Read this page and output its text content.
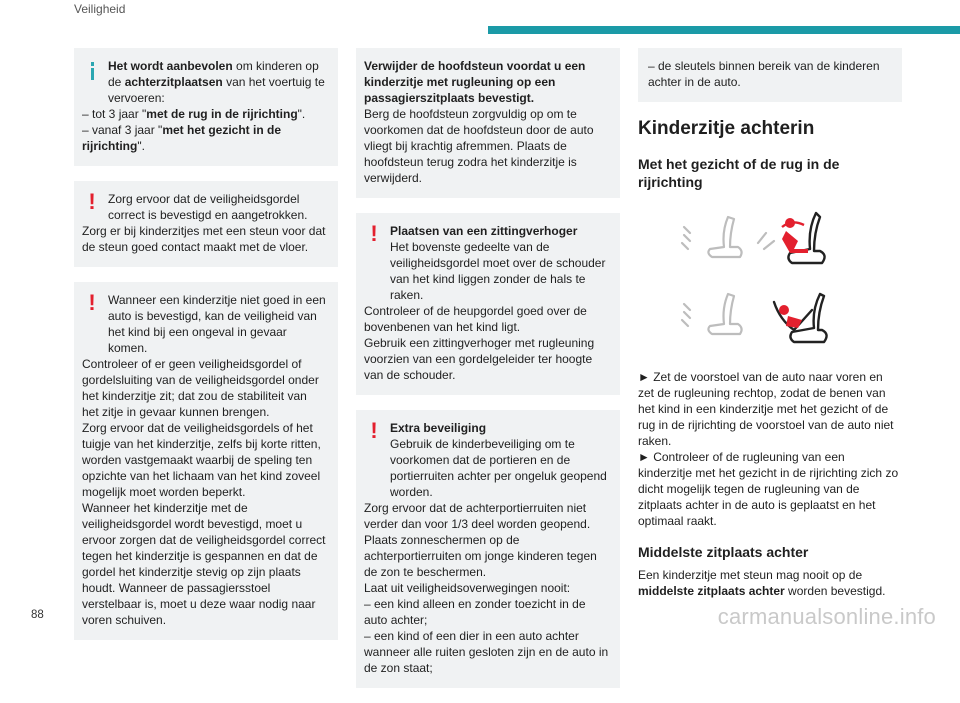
Veiligheid
Het wordt aanbevolen om kinderen op de achterzitplaatsen van het voertuig te vervoeren:

– tot 3 jaar "met de rug in de rijrichting".

– vanaf 3 jaar "met het gezicht in de rijrichting".

!	Zorg ervoor dat de veiligheidsgordel correct is bevestigd en aangetrokken.

Zorg er bij kinderzitjes met een steun voor dat de steun goed contact maakt met de vloer.

!	Wanneer een kinderzitje niet goed in een auto is bevestigd, kan de veiligheid van het kind bij een ongeval in gevaar komen.

Controleer of er geen veiligheidsgordel of gordelsluiting van de veiligheidsgordel onder het kinderzitje zit; dat zou de stabiliteit van het zitje in gevaar kunnen brengen.

Zorg ervoor dat de veiligheidsgordels of het tuigje van het kinderzitje, zelfs bij korte ritten, worden vastgemaakt waarbij de speling ten opzichte van het lichaam van het kind zoveel mogelijk moet worden beperkt.

Wanneer het kinderzitje met de veiligheidsgordel wordt bevestigd, moet u ervoor zorgen dat de veiligheidsgordel correct tegen het kinderzitje is gespannen en dat de gordel het kinderzitje stevig op zijn plaats houdt. Wanneer de passagiersstoel verstelbaar is, moet u deze waar nodig naar voren schuiven.

Verwijder de hoofdsteun voordat u een kinderzitje met rugleuning op een passagierszitplaats bevestigt.

Berg de hoofdsteun zorgvuldig op om te voorkomen dat de hoofdsteun door de auto vliegt bij krachtig afremmen. Plaats de hoofdsteun terug zodra het kinderzitje is verwijderd.

!	Plaatsen van een zittingverhoger
Het bovenste gedeelte van de veiligheidsgordel moet over de schouder van het kind liggen zonder de hals te raken.

Controleer of de heupgordel goed over de bovenbenen van het kind ligt.

Gebruik een zittingverhoger met rugleuning voorzien van een gordelgeleider ter hoogte van de schouder.

!	Extra beveiliging
Gebruik de kinderbeveiliging om te voorkomen dat de portieren en de portierruiten achter per ongeluk geopend worden.

Zorg ervoor dat de achterportierruiten niet verder dan voor 1/3 deel worden geopend.

Plaats zonneschermen op de achterportierruiten om jonge kinderen tegen de zon te beschermen.

Laat uit veiligheidsoverwegingen nooit:

– een kind alleen en zonder toezicht in de auto achter;

– een kind of een dier in een auto achter wanneer alle ruiten gesloten zijn en de auto in de zon staat;

– de sleutels binnen bereik van de kinderen achter in de auto.

Kinderzitje achterin
Met het gezicht of de rug in de rijrichting

► Zet de voorstoel van de auto naar voren en zet de rugleuning rechtop, zodat de benen van het kind in een kinderzitje met het gezicht of de rug in de rijrichting de voorstoel van de auto niet raken.

► Controleer of de rugleuning van een kinderzitje met het gezicht in de rijrichting zich zo dicht mogelijk tegen de rugleuning van de zitplaats achter in de auto is geplaatst en het optimaal raakt.

Middelste zitplaats achter

Een kinderzitje met steun mag nooit op de middelste zitplaats achter worden bevestigd.

88	carmanualsonline.info
